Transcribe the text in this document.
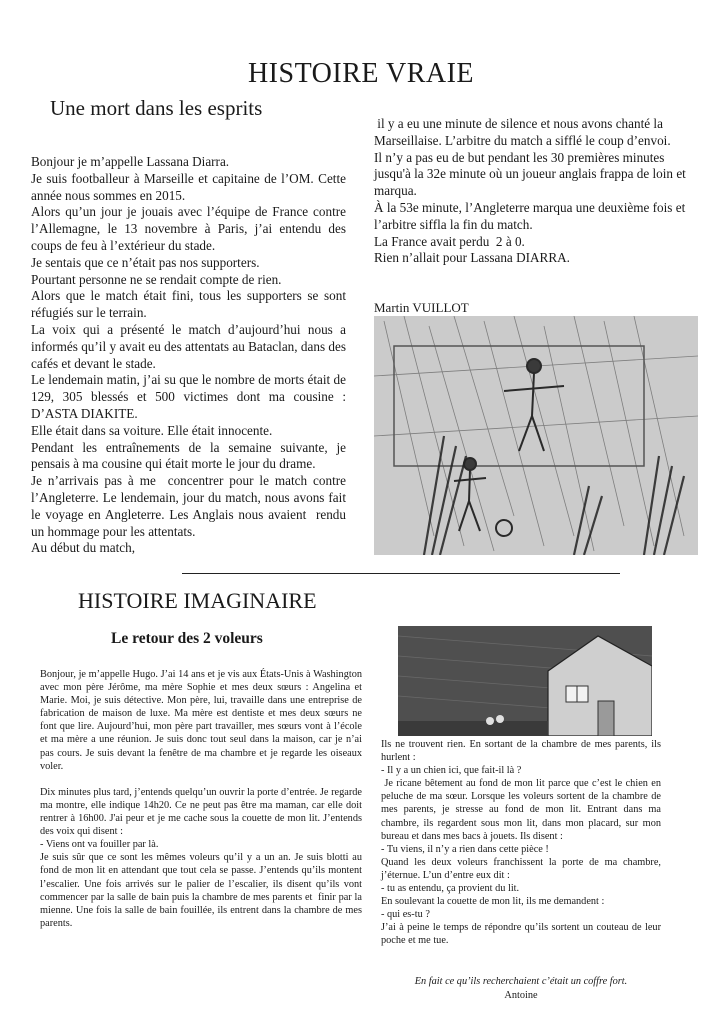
HISTOIRE VRAIE
Une mort dans les esprits
Bonjour je m’appelle Lassana Diarra.
Je suis footballeur à Marseille et capitaine de l’OM. Cette année nous sommes en 2015.
Alors qu’un jour je jouais avec l’équipe de France contre l’Allemagne, le 13 novembre à Paris, j’ai entendu des coups de feu à l’extérieur du stade.
Je sentais que ce n’était pas nos supporters.
Pourtant personne ne se rendait compte de rien.
Alors que le match était fini, tous les supporters se sont réfugiés sur le terrain.
La voix qui a présenté le match d’aujourd’hui nous a informés qu’il y avait eu des attentats au Bataclan, dans des cafés et devant le stade.
Le lendemain matin, j’ai su que le nombre de morts était de 129, 305 blessés et 500 victimes dont ma cousine : D’ASTA DIAKITE.
Elle était dans sa voiture. Elle était innocente.
Pendant les entraînements de la semaine suivante, je pensais à ma cousine qui était morte le jour du drame.
Je n’arrivais pas à me  concentrer pour le match contre l’Angleterre. Le lendemain, jour du match, nous avons fait le voyage en Angleterre. Les Anglais nous avaient  rendu un hommage pour les attentats.
Au début du match,
il y a eu une minute de silence et nous avons chanté la Marseillaise. L’arbitre du match a sifflé le coup d’envoi.
Il n’y a pas eu de but pendant les 30 premières minutes jusqu'à la 32e minute où un joueur anglais frappa de loin et marqua.
À la 53e minute, l’Angleterre marqua une deuxième fois et l’arbitre siffla la fin du match.
La France avait perdu  2 à 0.
Rien n’allait pour Lassana DIARRA.
Martin VUILLOT
HISTOIRE IMAGINAIRE
Le retour des 2 voleurs
Bonjour, je m’appelle Hugo. J’ai 14 ans et je vis aux États-Unis à Washington avec mon père Jérôme, ma mère Sophie et mes deux sœurs : Angelina et Marie. Moi, je suis détective. Mon père, lui, travaille dans une entreprise de fabrication de maison de luxe. Ma mère est dentiste et mes deux sœurs ne font que lire. Aujourd’hui, mon père part travailler, mes sœurs vont à l’école et ma mère a une réunion. Je suis donc tout seul dans la maison, car je n’ai pas cours. Je suis devant la fenêtre de ma chambre et je regarde les oiseaux voler.

Dix minutes plus tard, j’entends quelqu’un ouvrir la porte d’entrée. Je regarde ma montre, elle indique 14h20. Ce ne peut pas être ma maman, car elle doit rentrer à 16h00. J'ai peur et je me cache sous la couette de mon lit. J’entends des voix qui disent :
- Viens ont va fouiller par là.
Je suis sûr que ce sont les mêmes voleurs qu’il y a un an. Je suis blotti au fond de mon lit en attendant que tout cela se passe. J’entends qu’ils montent l’escalier. Une fois arrivés sur le palier de l’escalier, ils disent qu’ils vont commencer par la salle de bain puis la chambre de mes parents et  finir par la mienne. Une fois la salle de bain fouillée, ils entrent dans la chambre de mes parents.
Ils ne trouvent rien. En sortant de la chambre de mes parents, ils hurlent :
- Il y a un chien ici, que fait-il là ?
Je ricane bêtement au fond de mon lit parce que c’est le chien en peluche de ma sœur. Lorsque les voleurs sortent de la chambre de mes parents, je stresse au fond de mon lit. Entrant dans ma chambre, ils regardent sous mon lit, dans mon placard, sur mon bureau et dans mes bacs à jouets. Ils disent :
- Tu viens, il n’y a rien dans cette pièce !
Quand les deux voleurs franchissent la porte de ma chambre, j’éternue. L’un d’entre eux dit :
- tu as entendu, ça provient du lit.
En soulevant la couette de mon lit, ils me demandent :
- qui es-tu ?
J’ai à peine le temps de répondre qu’ils sortent un couteau de leur poche et me tue.
En fait ce qu’ils recherchaient c’était un coffre fort.
Antoine
